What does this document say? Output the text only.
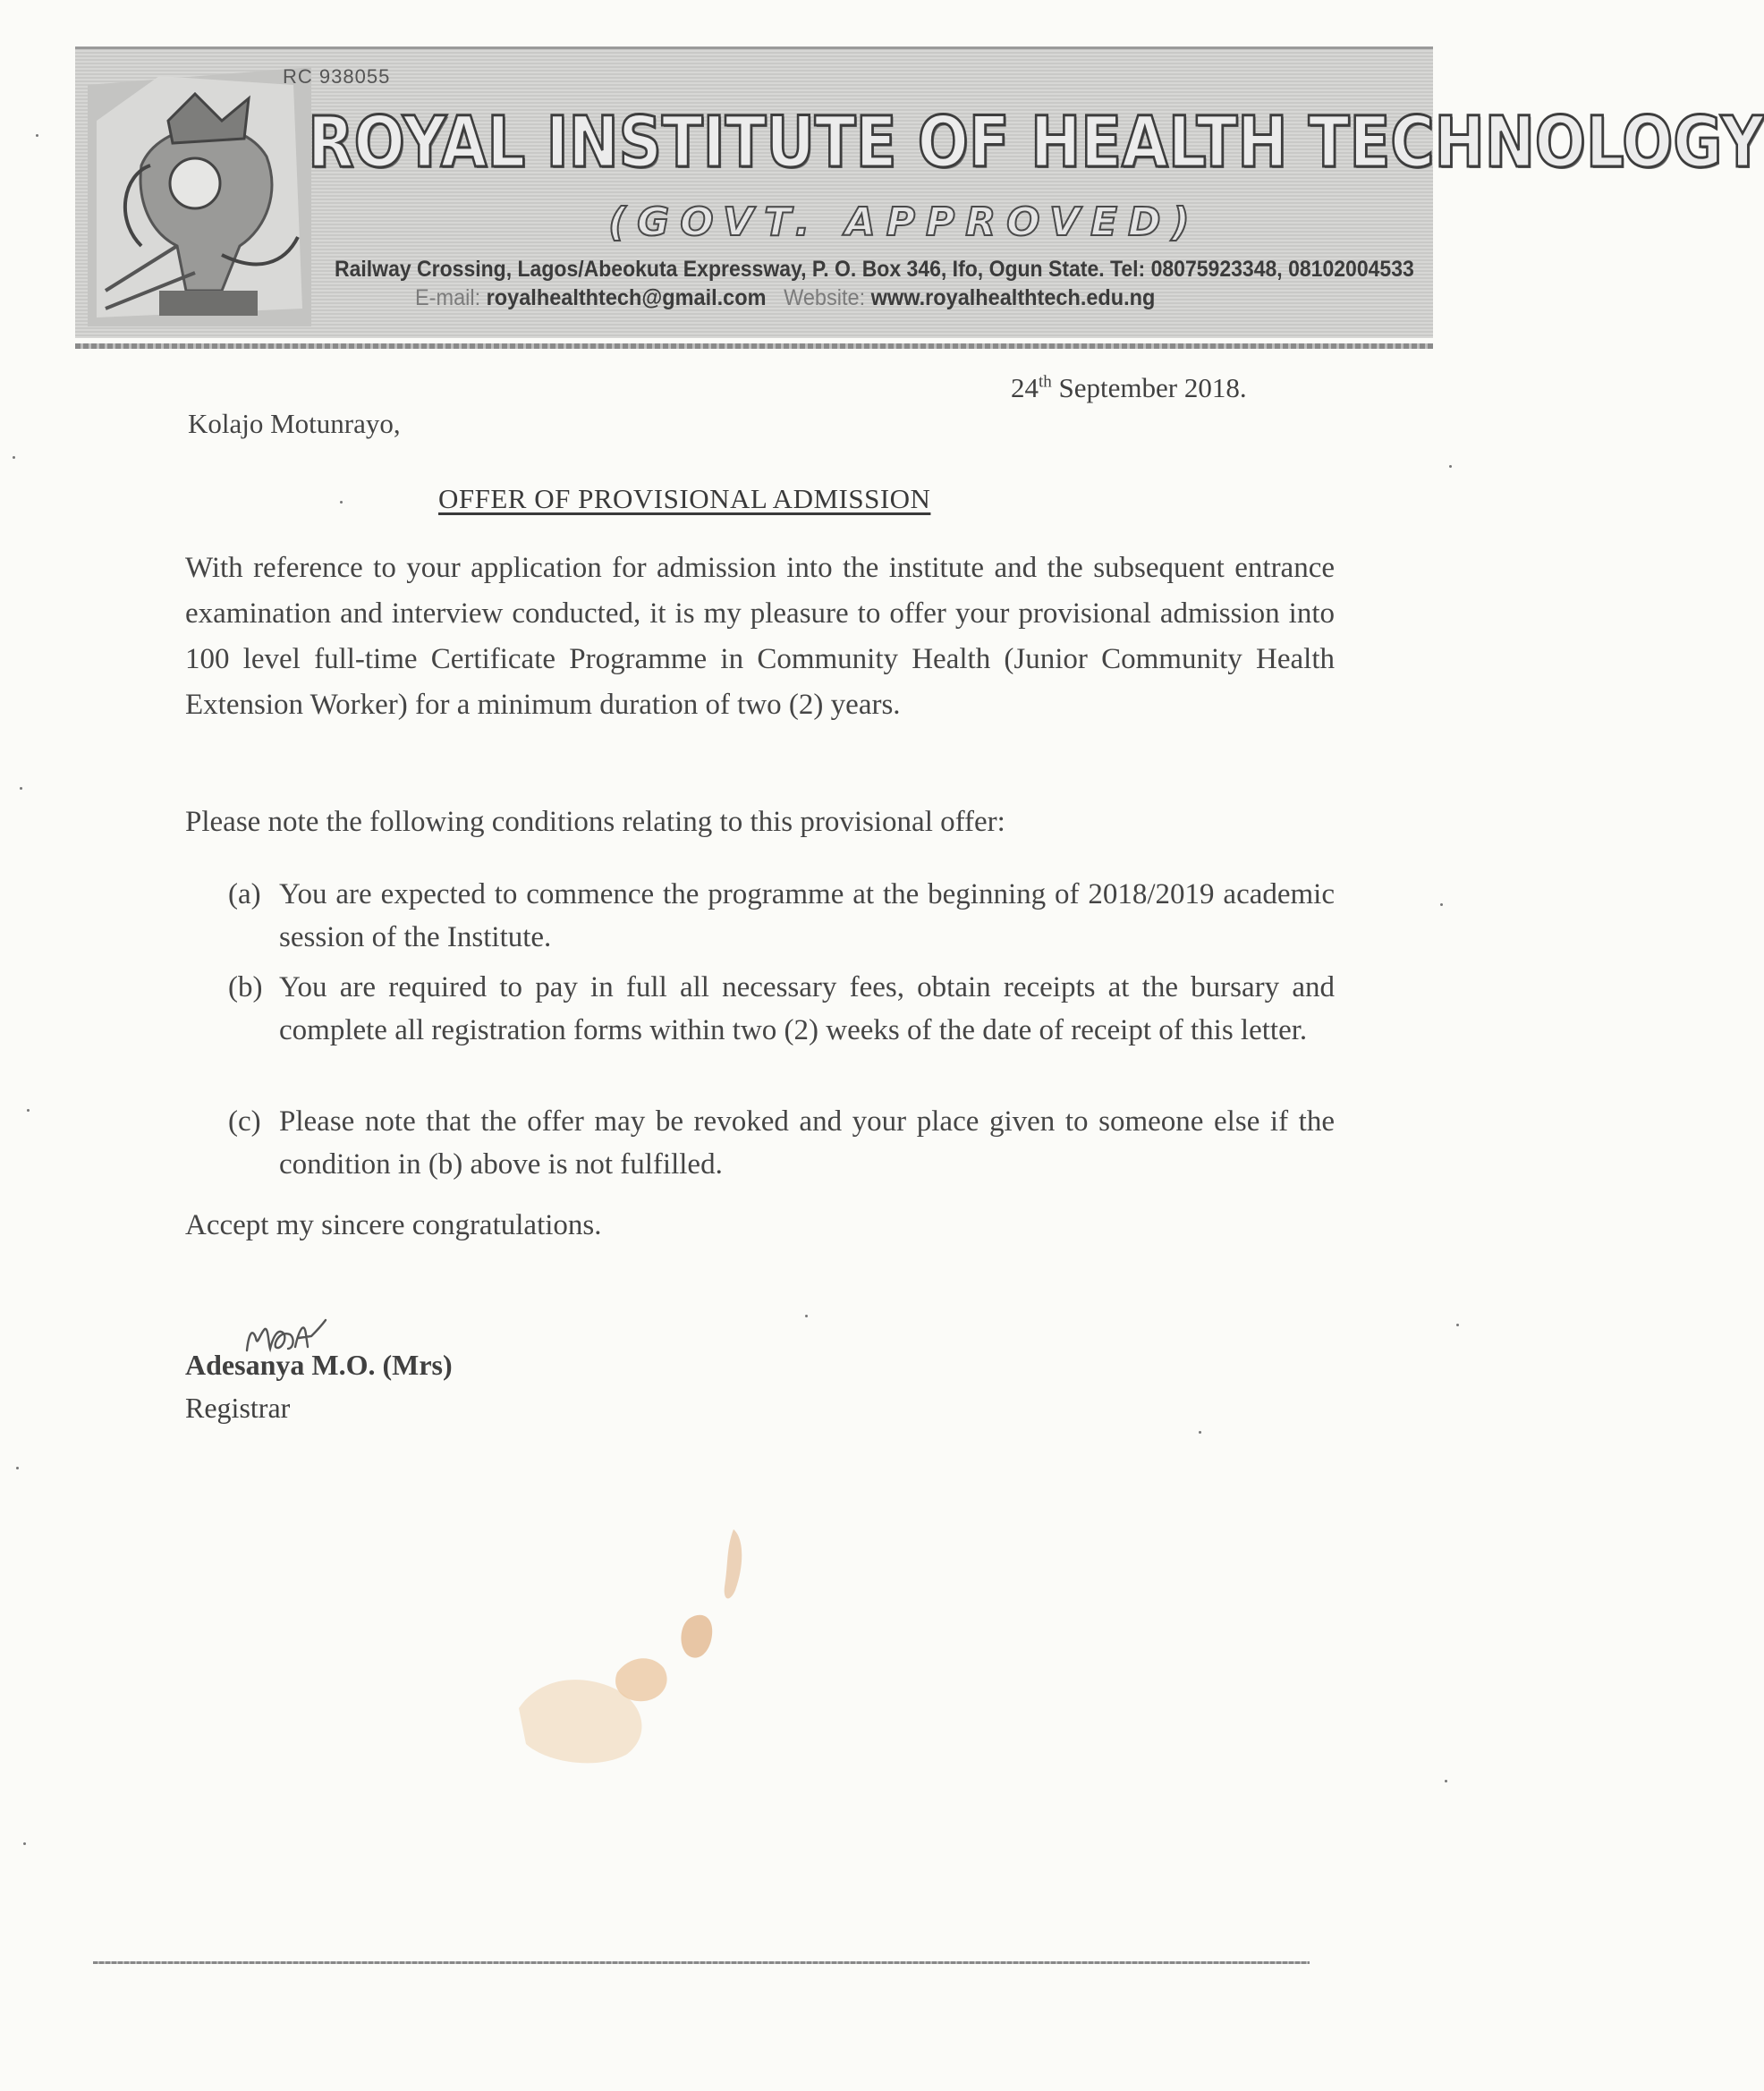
RC 938055
ROYAL INSTITUTE OF HEALTH TECHNOLOGY
(GOVT. APPROVED)
Railway Crossing, Lagos/Abeokuta Expressway, P. O. Box 346, Ifo, Ogun State. Tel: 08075923348, 08102004533
E-mail: royalhealthtech@gmail.com Website: www.royalhealthtech.edu.ng
24th September 2018.
Kolajo Motunrayo,
OFFER OF PROVISIONAL ADMISSION
With reference to your application for admission into the institute and the subsequent entrance examination and interview conducted, it is my pleasure to offer your provisional admission into 100 level full-time Certificate Programme in Community Health (Junior Community Health Extension Worker) for a minimum duration of two (2) years.
Please note the following conditions relating to this provisional offer:
(a) You are expected to commence the programme at the beginning of 2018/2019 academic session of the Institute.
(b) You are required to pay in full all necessary fees, obtain receipts at the bursary and complete all registration forms within two (2) weeks of the date of receipt of this letter.
(c) Please note that the offer may be revoked and your place given to someone else if the condition in (b) above is not fulfilled.
Accept my sincere congratulations.
Adesanya M.O. (Mrs)
Registrar
